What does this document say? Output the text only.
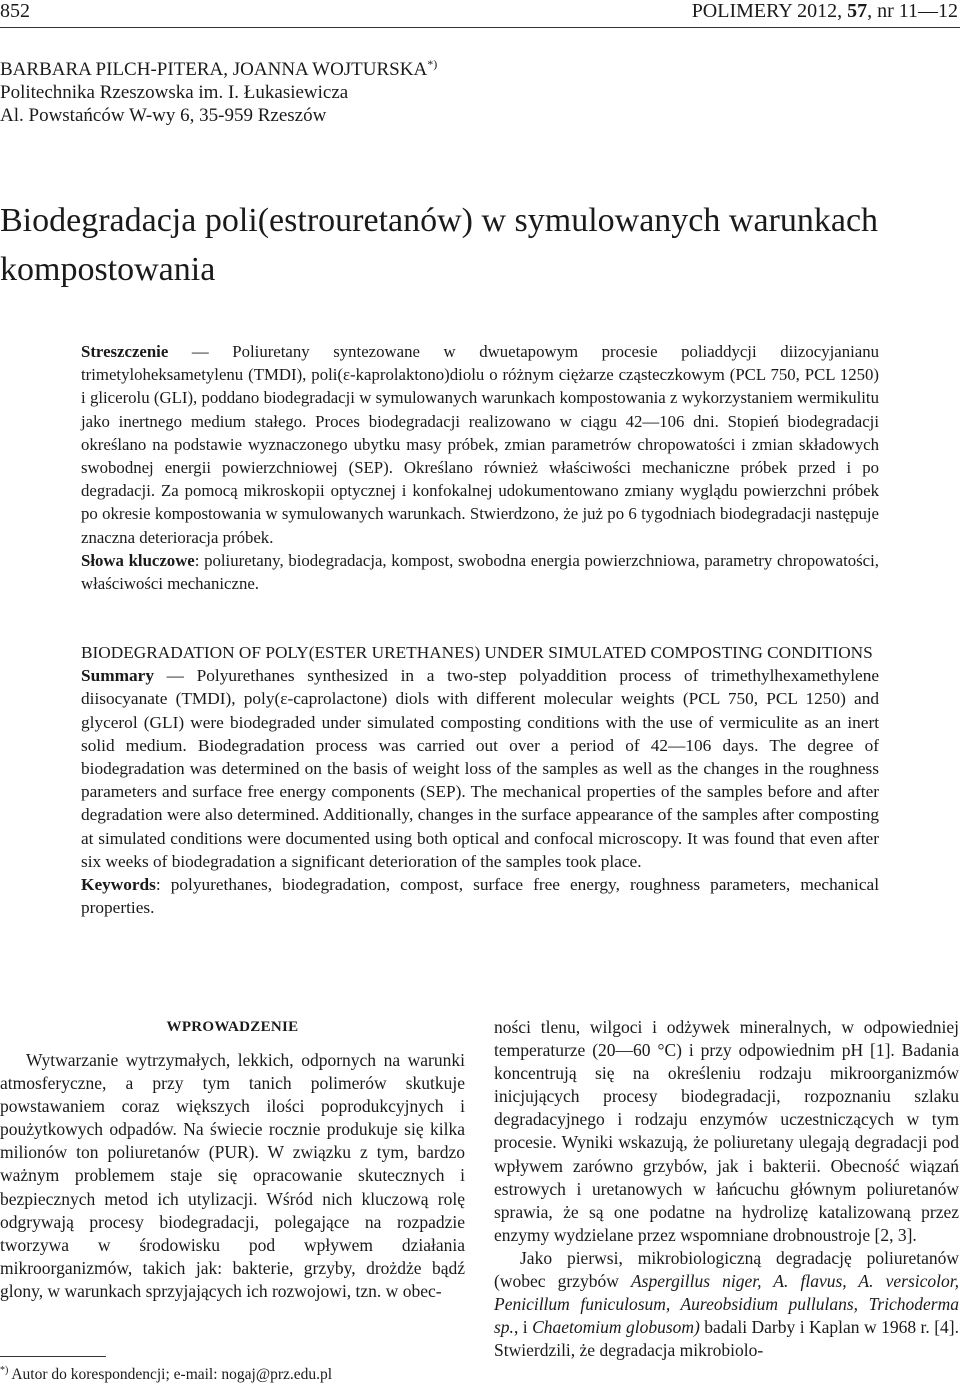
852	POLIMERY 2012, 57, nr 11—12
BARBARA PILCH-PITERA, JOANNA WOJTURSKA*)
Politechnika Rzeszowska im. I. Łukasiewicza
Al. Powstańców W-wy 6, 35-959 Rzeszów
Biodegradacja poli(estrouretanów) w symulowanych warunkach kompostowania

Streszczenie — Poliuretany syntezowane w dwuetapowym procesie poliaddycji diizocyjanianu trimetyloheksametylenu (TMDI), poli(ε-kaprolaktono)diolu o różnym ciężarze cząsteczkowym (PCL 750, PCL 1250) i glicerolu (GLI), poddano biodegradacji w symulowanych warunkach kompostowania z wykorzystaniem wermikulitu jako inertnego medium stałego. Proces biodegradacji realizowano w ciągu 42—106 dni. Stopień biodegradacji określano na podstawie wyznaczonego ubytku masy próbek, zmian parametrów chropowatości i zmian składowych swobodnej energii powierzchniowej (SEP). Określano również właściwości mechaniczne próbek przed i po degradacji. Za pomocą mikroskopii optycznej i konfokalnej udokumentowano zmiany wyglądu powierzchni próbek po okresie kompostowania w symulowanych warunkach. Stwierdzono, że już po 6 tygodniach biodegradacji następuje znaczna deterioracja próbek.

Słowa kluczowe: poliuretany, biodegradacja, kompost, swobodna energia powierzchniowa, parametry chropowatości, właściwości mechaniczne.

BIODEGRADATION OF POLY(ESTER URETHANES) UNDER SIMULATED COMPOSTING CONDITIONS

Summary — Polyurethanes synthesized in a two-step polyaddition process of trimethylhexamethylene diisocyanate (TMDI), poly(ε-caprolactone) diols with different molecular weights (PCL 750, PCL 1250) and glycerol (GLI) were biodegraded under simulated composting conditions with the use of vermiculite as an inert solid medium. Biodegradation process was carried out over a period of 42—106 days. The degree of biodegradation was determined on the basis of weight loss of the samples as well as the changes in the roughness parameters and surface free energy components (SEP). The mechanical properties of the samples before and after degradation were also determined. Additionally, changes in the surface appearance of the samples after composting at simulated conditions were documented using both optical and confocal microscopy. It was found that even after six weeks of biodegradation a significant deterioration of the samples took place.

Keywords: polyurethanes, biodegradation, compost, surface free energy, roughness parameters, mechanical properties.

WPROWADZENIE

Wytwarzanie wytrzymałych, lekkich, odpornych na warunki atmosferyczne, a przy tym tanich polimerów skutkuje powstawaniem coraz większych ilości poprodukcyjnych i poużytkowych odpadów. Na świecie rocznie produkuje się kilka milionów ton poliuretanów (PUR). W związku z tym, bardzo ważnym problemem staje się opracowanie skutecznych i bezpiecznych metod ich utylizacji. Wśród nich kluczową rolę odgrywają procesy biodegradacji, polegające na rozpadzie tworzywa w środowisku pod wpływem działania mikroorganizmów, takich jak: bakterie, grzyby, drożdże bądź glony, w warunkach sprzyjających ich rozwojowi, tzn. w obec-

ności tlenu, wilgoci i odżywek mineralnych, w odpowiedniej temperaturze (20—60 °C) i przy odpowiednim pH [1]. Badania koncentrują się na określeniu rodzaju mikroorganizmów inicjujących procesy biodegradacji, rozpoznaniu szlaku degradacyjnego i rodzaju enzymów uczestniczących w tym procesie. Wyniki wskazują, że poliuretany ulegają degradacji pod wpływem zarówno grzybów, jak i bakterii. Obecność wiązań estrowych i uretanowych w łańcuchu głównym poliuretanów sprawia, że są one podatne na hydrolizę katalizowaną przez enzymy wydzielane przez wspomniane drobnoustroje [2, 3].

Jako pierwsi, mikrobiologiczną degradację poliuretanów (wobec grzybów Aspergillus niger, A. flavus, A. versicolor, Penicillum funiculosum, Aureobsidium pullulans, Trichoderma sp., i Chaetomium globusom) badali Darby i Kaplan w 1968 r. [4]. Stwierdzili, że degradacja mikrobiolo-

*) Autor do korespondencji; e-mail: nogaj@prz.edu.pl
